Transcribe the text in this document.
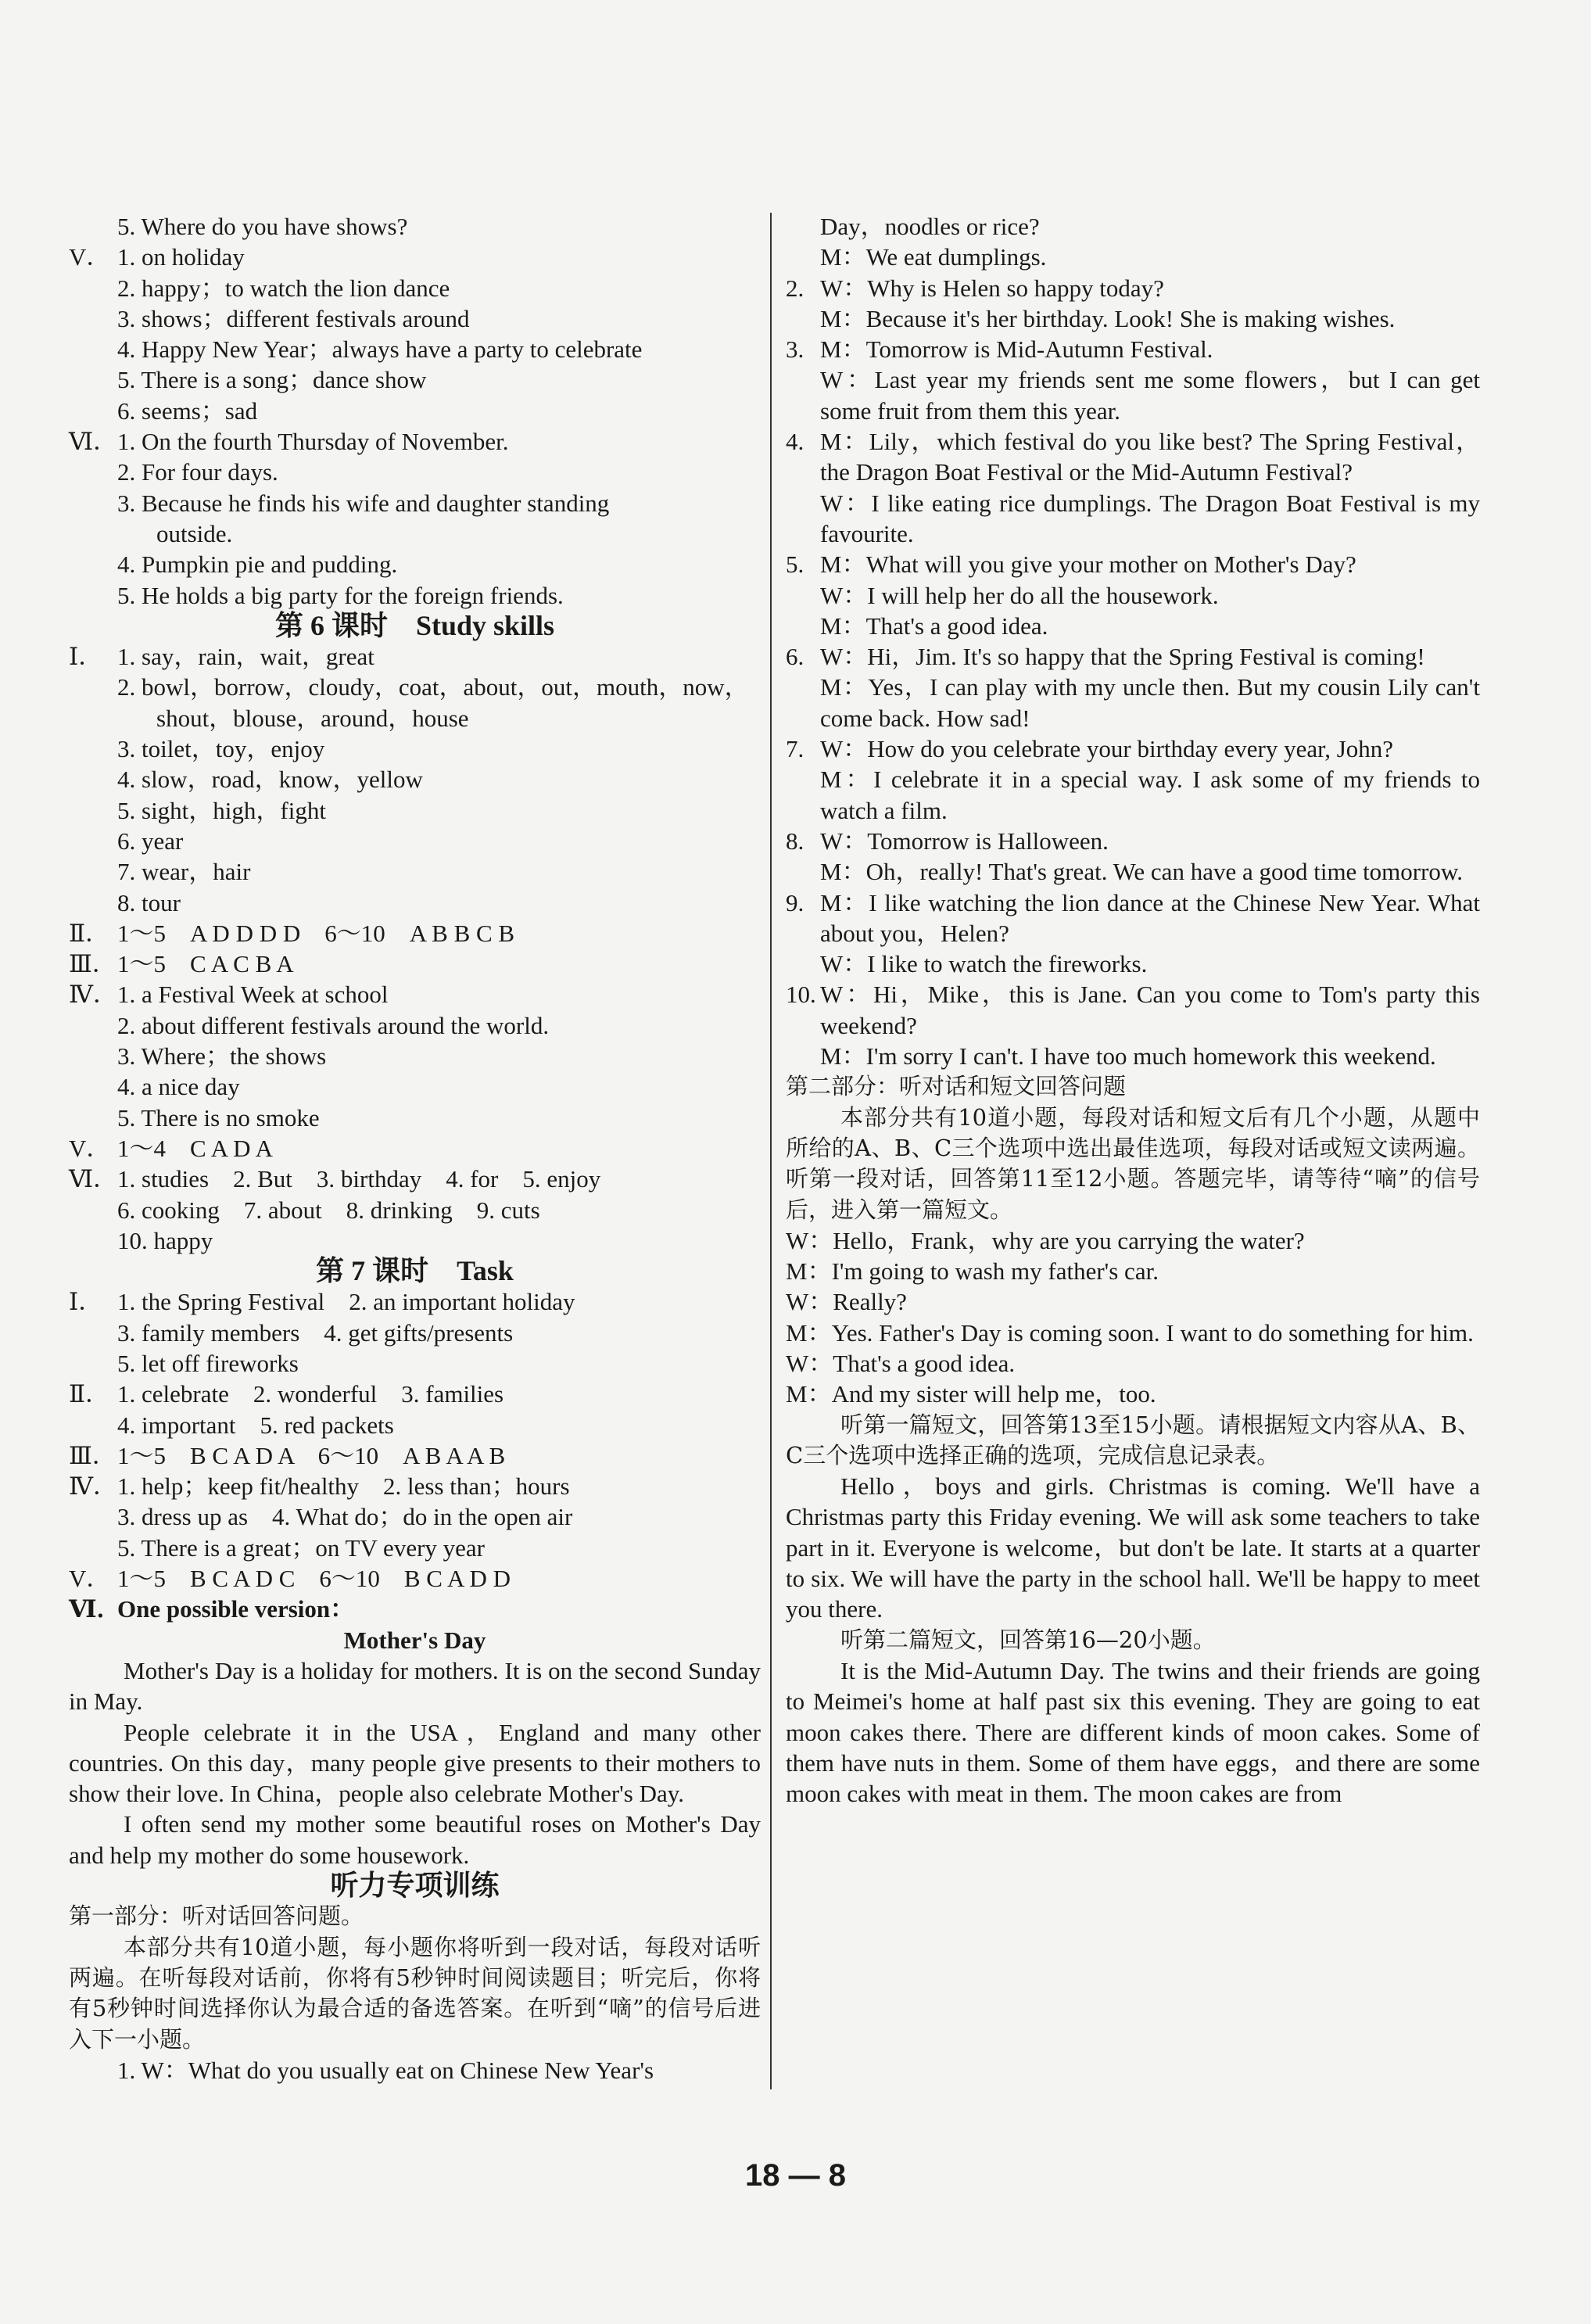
5. Where do you have shows?
V． 1. on holiday
2. happy；to watch the lion dance
3. shows；different festivals around
4. Happy New Year；always have a party to celebrate
5. There is a song；dance show
6. seems；sad
Ⅵ． 1. On the fourth Thursday of November.
2. For four days.
3. Because he finds his wife and daughter standing
outside.
4. Pumpkin pie and pudding.
5. He holds a big party for the foreign friends.
第 6 课时　Study skills
Ⅰ． 1. say，rain，wait，great
2. bowl，borrow，cloudy，coat，about，out，mouth，now，
shout，blouse，around，house
3. toilet，toy，enjoy
4. slow，road，know，yellow
5. sight，high，fight
6. year
7. wear，hair
8. tour
Ⅱ． 1～5　A D D D D　6～10　A B B C B
Ⅲ． 1～5　C A C B A
Ⅳ． 1. a Festival Week at school
2. about different festivals around the world.
3. Where；the shows
4. a nice day
5. There is no smoke
V． 1～4　C A D A
Ⅵ． 1. studies　2. But　3. birthday　4. for　5. enjoy
6. cooking　7. about　8. drinking　9. cuts
10. happy
第 7 课时　Task
Ⅰ． 1. the Spring Festival　2. an important holiday
3. family members　4. get gifts/presents
5. let off fireworks
Ⅱ． 1. celebrate　2. wonderful　3. families
4. important　5. red packets
Ⅲ． 1～5　B C A D A　6～10　A B A A B
Ⅳ． 1. help；keep fit/healthy　2. less than；hours
3. dress up as　4. What do；do in the open air
5. There is a great；on TV every year
V． 1～5　B C A D C　6～10　B C A D D
Ⅵ．
One possible version：
Mother's Day
Mother's Day is a holiday for mothers. It is on the second Sunday in May.
People celebrate it in the USA，England and many other countries. On this day，many people give presents to their mothers to show their love. In China，people also celebrate Mother's Day.
I often send my mother some beautiful roses on Mother's Day and help my mother do some housework.
听力专项训练
第一部分：听对话回答问题。
本部分共有10道小题，每小题你将听到一段对话，每段对话听两遍。在听每段对话前，你将有5秒钟时间阅读题目；听完后，你将有5秒钟时间选择你认为最合适的备选答案。在听到“嘀”的信号后进入下一小题。
1. W：What do you usually eat on Chinese New Year's
Day，noodles or rice?
M：We eat dumplings.
2. W：Why is Helen so happy today?
M：Because it's her birthday. Look! She is making wishes.
3. M：Tomorrow is Mid-Autumn Festival.
W：Last year my friends sent me some flowers，but I can get some fruit from them this year.
4. M：Lily，which festival do you like best? The Spring Festival，the Dragon Boat Festival or the Mid-Autumn Festival?
W：I like eating rice dumplings. The Dragon Boat Festival is my favourite.
5. M：What will you give your mother on Mother's Day?
W：I will help her do all the housework.
M：That's a good idea.
6. W：Hi，Jim. It's so happy that the Spring Festival is coming!
M：Yes，I can play with my uncle then. But my cousin Lily can't come back. How sad!
7. W：How do you celebrate your birthday every year, John?
M：I celebrate it in a special way. I ask some of my friends to watch a film.
8. W：Tomorrow is Halloween.
M：Oh，really! That's great. We can have a good time tomorrow.
9. M：I like watching the lion dance at the Chinese New Year. What about you，Helen?
W：I like to watch the fireworks.
10. W：Hi，Mike，this is Jane. Can you come to Tom's party this weekend?
M：I'm sorry I can't. I have too much homework this weekend.
第二部分：听对话和短文回答问题
本部分共有10道小题，每段对话和短文后有几个小题，从题中所给的A、B、C三个选项中选出最佳选项，每段对话或短文读两遍。听第一段对话，回答第11至12小题。答题完毕，请等待“嘀”的信号后，进入第一篇短文。
W：Hello，Frank，why are you carrying the water?
M：I'm going to wash my father's car.
W：Really?
M：Yes. Father's Day is coming soon. I want to do something for him.
W：That's a good idea.
M：And my sister will help me，too.
听第一篇短文，回答第13至15小题。请根据短文内容从A、B、C三个选项中选择正确的选项，完成信息记录表。
Hello，boys and girls. Christmas is coming. We'll have a Christmas party this Friday evening. We will ask some teachers to take part in it. Everyone is welcome，but don't be late. It starts at a quarter to six. We will have the party in the school hall. We'll be happy to meet you there.
听第二篇短文，回答第16—20小题。
It is the Mid-Autumn Day. The twins and their friends are going to Meimei's home at half past six this evening. They are going to eat moon cakes there. There are different kinds of moon cakes. Some of them have nuts in them. Some of them have eggs，and there are some moon cakes with meat in them. The moon cakes are from
18 — 8
